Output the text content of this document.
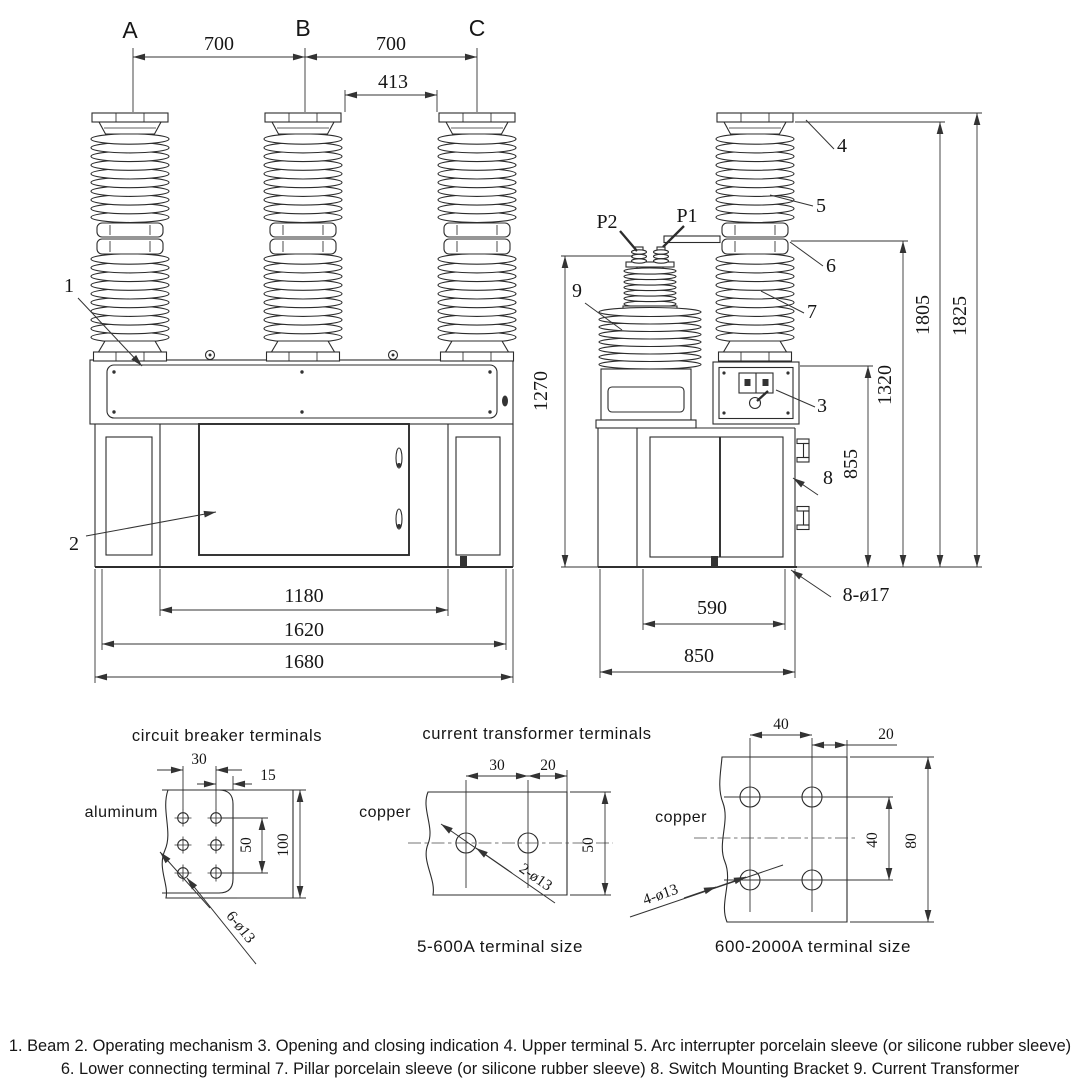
A	B	C
700	700
413
1
2
1180
1620
1680
P2	P1
9
4
5
6
7
3
8
1270
855
1320
1805 1825
590
850
8-ø17
circuit breaker terminals
aluminum
30
15
50 100
6-ø13
current transformer terminals
copper
30 20
50
2-ø13
5-600A terminal size
copper
40
20
40 80
4-ø13
600-2000A terminal size
1. Beam 2. Operating mechanism 3. Opening and closing indication 4. Upper terminal 5. Arc interrupter porcelain sleeve (or silicone rubber sleeve)
6. Lower connecting terminal 7. Pillar porcelain sleeve (or silicone rubber sleeve) 8. Switch Mounting Bracket 9. Current Transformer
